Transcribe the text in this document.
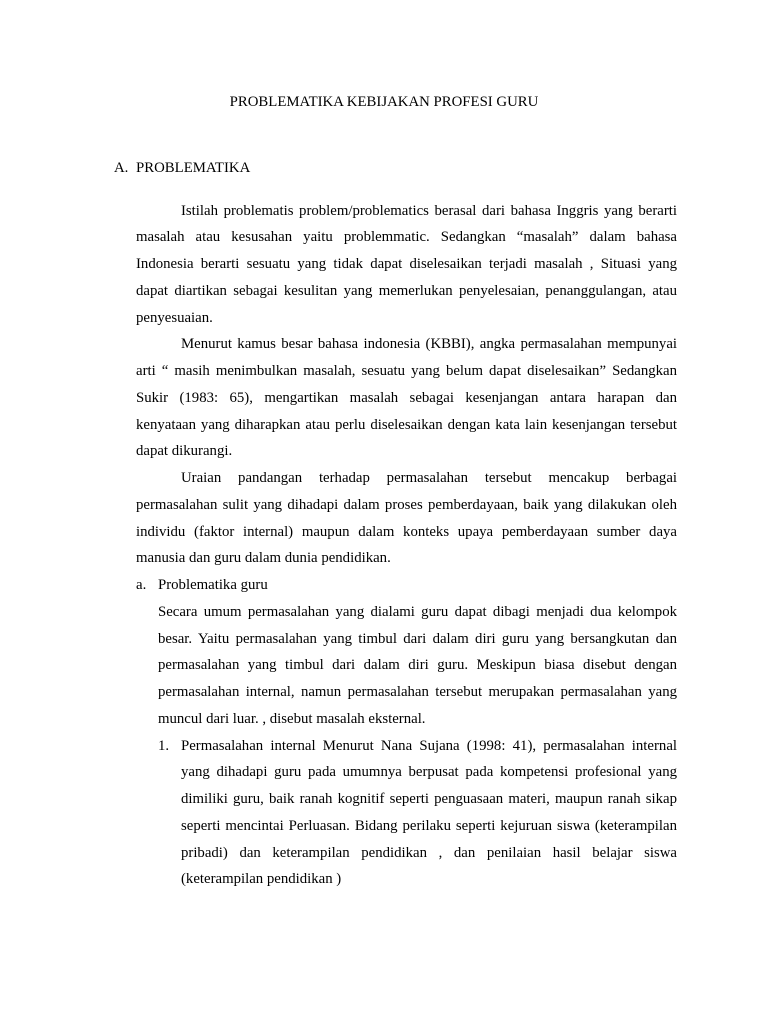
PROBLEMATIKA KEBIJAKAN PROFESI GURU
A. PROBLEMATIKA
Istilah problematis problem/problematics berasal dari bahasa Inggris yang berarti
masalah atau kesusahan yaitu problemmatic. Sedangkan “masalah” dalam bahasa
Indonesia berarti sesuatu yang tidak dapat diselesaikan terjadi masalah , Situasi yang
dapat diartikan sebagai kesulitan yang memerlukan penyelesaian, penanggulangan, atau
penyesuaian.
Menurut kamus besar bahasa indonesia (KBBI), angka permasalahan mempunyai
arti “ masih menimbulkan masalah, sesuatu yang belum dapat diselesaikan” Sedangkan
Sukir (1983: 65), mengartikan masalah sebagai kesenjangan antara harapan dan
kenyataan yang diharapkan atau perlu diselesaikan dengan kata lain kesenjangan tersebut
dapat dikurangi.
Uraian pandangan terhadap permasalahan tersebut mencakup berbagai
permasalahan sulit yang dihadapi dalam proses pemberdayaan, baik yang dilakukan oleh
individu (faktor internal) maupun dalam konteks upaya pemberdayaan sumber daya
manusia dan guru dalam dunia pendidikan.
a. Problematika guru
Secara umum permasalahan yang dialami guru dapat dibagi menjadi dua kelompok
besar. Yaitu permasalahan yang timbul dari dalam diri guru yang bersangkutan dan
permasalahan yang timbul dari dalam diri guru. Meskipun biasa disebut dengan
permasalahan internal, namun permasalahan tersebut merupakan permasalahan yang
muncul dari luar. , disebut masalah eksternal.
1. Permasalahan internal Menurut Nana Sujana (1998: 41), permasalahan internal
yang dihadapi guru pada umumnya berpusat pada kompetensi profesional yang
dimiliki guru, baik ranah kognitif seperti penguasaan materi, maupun ranah sikap
seperti mencintai Perluasan. Bidang perilaku seperti kejuruan siswa (keterampilan
pribadi) dan keterampilan pendidikan , dan penilaian hasil belajar siswa
(keterampilan pendidikan )
